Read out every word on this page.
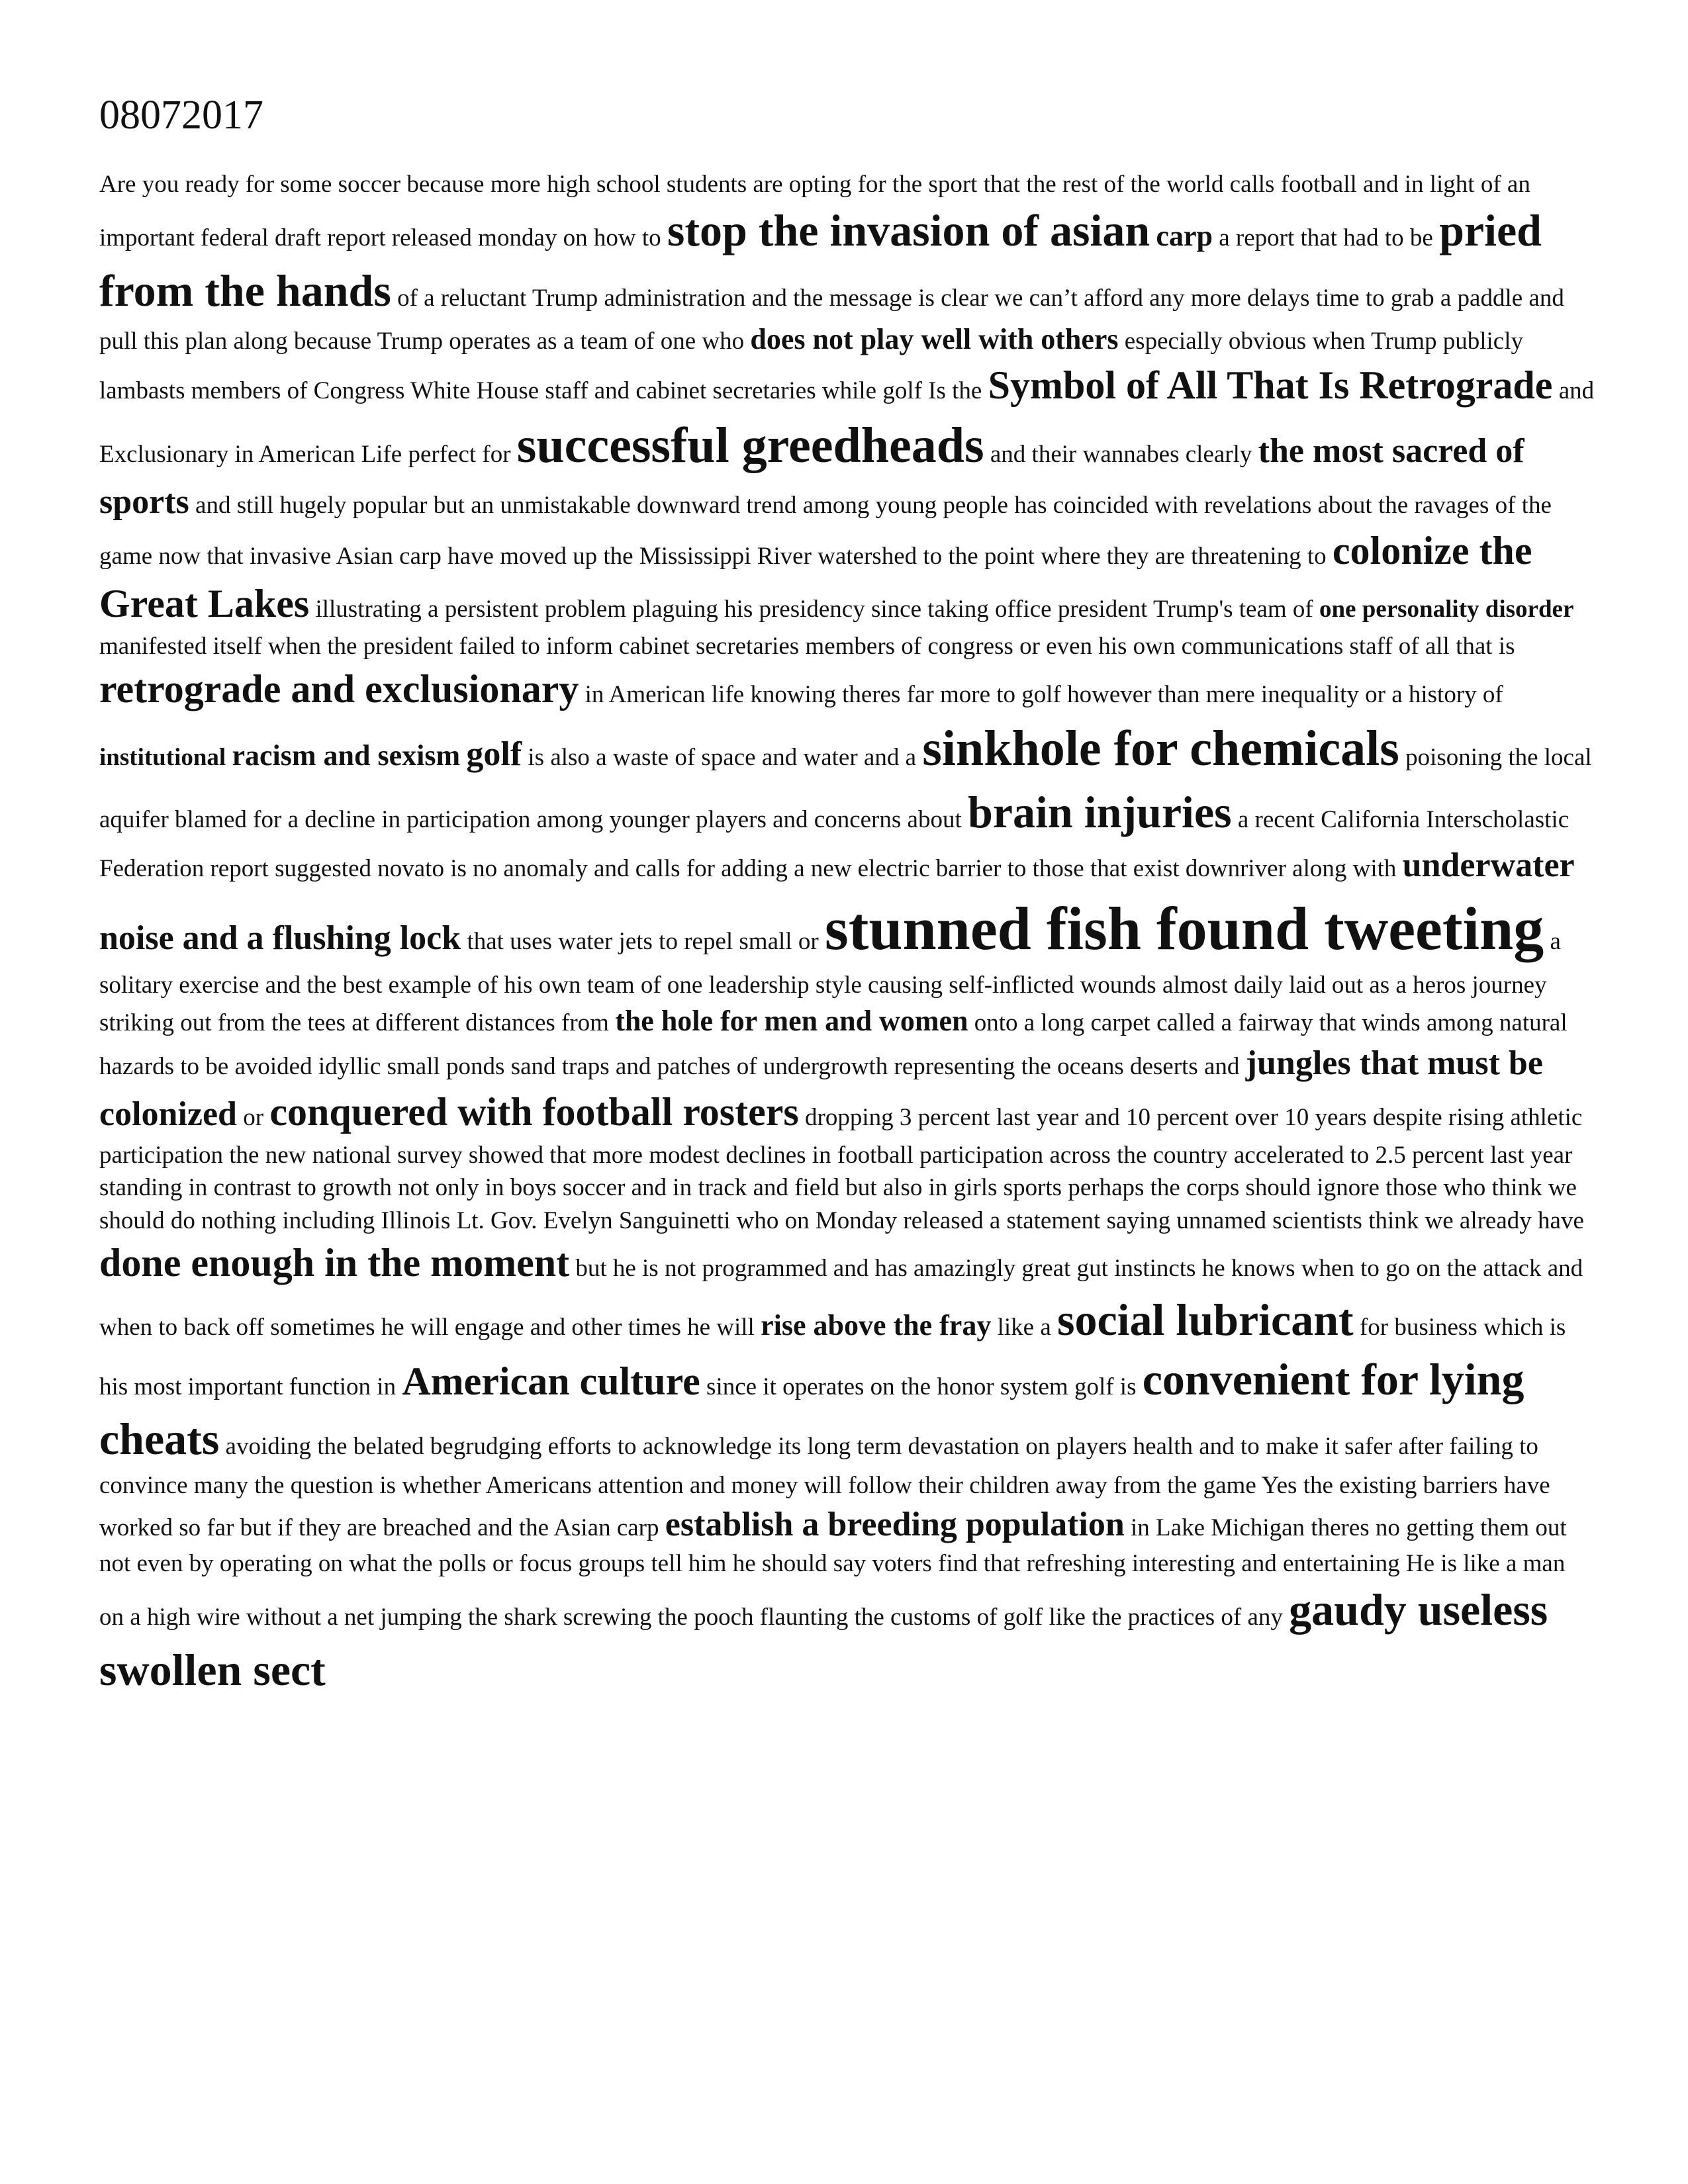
08072017

Are you ready for some soccer because more high school students are opting for the sport that the rest of the world calls football and in light of an important federal draft report released monday on how to stop the invasion of asian carp a report that had to be pried from the hands of a reluctant Trump administration and the message is clear we can’t afford any more delays time to grab a paddle and pull this plan along because Trump operates as a team of one who does not play well with others especially obvious when Trump publicly lambasts members of Congress White House staff and cabinet secretaries while golf Is the Symbol of All That Is Retrograde and Exclusionary in American Life perfect for successful greedheads and their wannabes clearly the most sacred of sports and still hugely popular but an unmistakable downward trend among young people has coincided with revelations about the ravages of the game now that invasive Asian carp have moved up the Mississippi River watershed to the point where they are threatening to colonize the Great Lakes illustrating a persistent problem plaguing his presidency since taking office president Trump's team of one personality disorder manifested itself when the president failed to inform cabinet secretaries members of congress or even his own communications staff of all that is retrograde and exclusionary in American life knowing theres far more to golf however than mere inequality or a history of institutional racism and sexism golf is also a waste of space and water and a sinkhole for chemicals poisoning the local aquifer blamed for a decline in participation among younger players and concerns about brain injuries a recent California Interscholastic Federation report suggested novato is no anomaly and calls for adding a new electric barrier to those that exist downriver along with underwater noise and a flushing lock that uses water jets to repel small or stunned fish found tweeting a solitary exercise and the best example of his own team of one leadership style causing self-inflicted wounds almost daily laid out as a heros journey striking out from the tees at different distances from the hole for men and women onto a long carpet called a fairway that winds among natural hazards to be avoided idyllic small ponds sand traps and patches of undergrowth representing the oceans deserts and jungles that must be colonized or conquered with football rosters dropping 3 percent last year and 10 percent over 10 years despite rising athletic participation the new national survey showed that more modest declines in football participation across the country accelerated to 2.5 percent last year standing in contrast to growth not only in boys soccer and in track and field but also in girls sports perhaps the corps should ignore those who think we should do nothing including Illinois Lt. Gov. Evelyn Sanguinetti who on Monday released a statement saying unnamed scientists think we already have done enough in the moment but he is not programmed and has amazingly great gut instincts he knows when to go on the attack and when to back off sometimes he will engage and other times he will rise above the fray like a social lubricant for business which is his most important function in American culture since it operates on the honor system golf is convenient for lying cheats avoiding the belated begrudging efforts to acknowledge its long term devastation on players health and to make it safer after failing to convince many the question is whether Americans attention and money will follow their children away from the game Yes the existing barriers have worked so far but if they are breached and the Asian carp establish a breeding population in Lake Michigan theres no getting them out not even by operating on what the polls or focus groups tell him he should say voters find that refreshing interesting and entertaining He is like a man on a high wire without a net jumping the shark screwing the pooch flaunting the customs of golf like the practices of any gaudy useless swollen sect
